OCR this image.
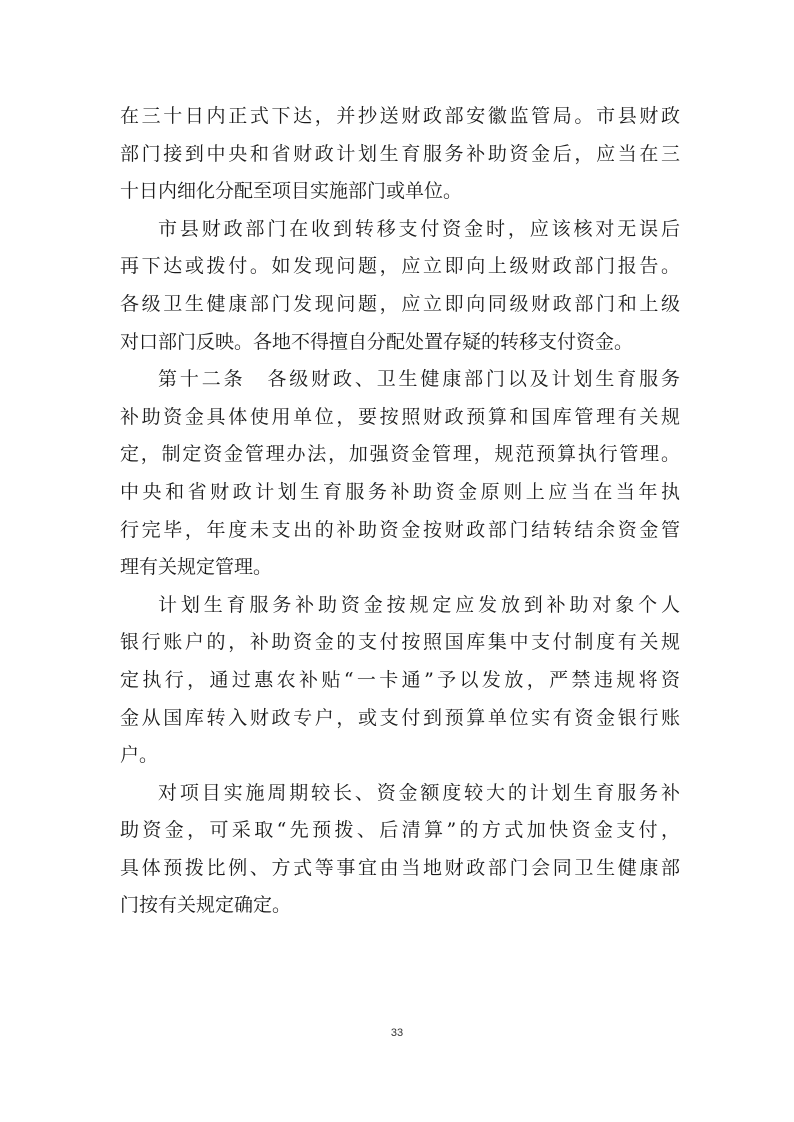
在三十日内正式下达，并抄送财政部安徽监管局。市县财政
部门接到中央和省财政计划生育服务补助资金后，应当在三
十日内细化分配至项目实施部门或单位。
市县财政部门在收到转移支付资金时，应该核对无误后
再下达或拨付。如发现问题，应立即向上级财政部门报告。
各级卫生健康部门发现问题，应立即向同级财政部门和上级
对口部门反映。各地不得擅自分配处置存疑的转移支付资金。
第十二条　各级财政、卫生健康部门以及计划生育服务
补助资金具体使用单位，要按照财政预算和国库管理有关规
定，制定资金管理办法，加强资金管理，规范预算执行管理。
中央和省财政计划生育服务补助资金原则上应当在当年执
行完毕，年度未支出的补助资金按财政部门结转结余资金管
理有关规定管理。
计划生育服务补助资金按规定应发放到补助对象个人
银行账户的，补助资金的支付按照国库集中支付制度有关规
定执行，通过惠农补贴“一卡通”予以发放，严禁违规将资
金从国库转入财政专户，或支付到预算单位实有资金银行账
户。
对项目实施周期较长、资金额度较大的计划生育服务补
助资金，可采取“先预拨、后清算”的方式加快资金支付，
具体预拨比例、方式等事宜由当地财政部门会同卫生健康部
门按有关规定确定。
33
